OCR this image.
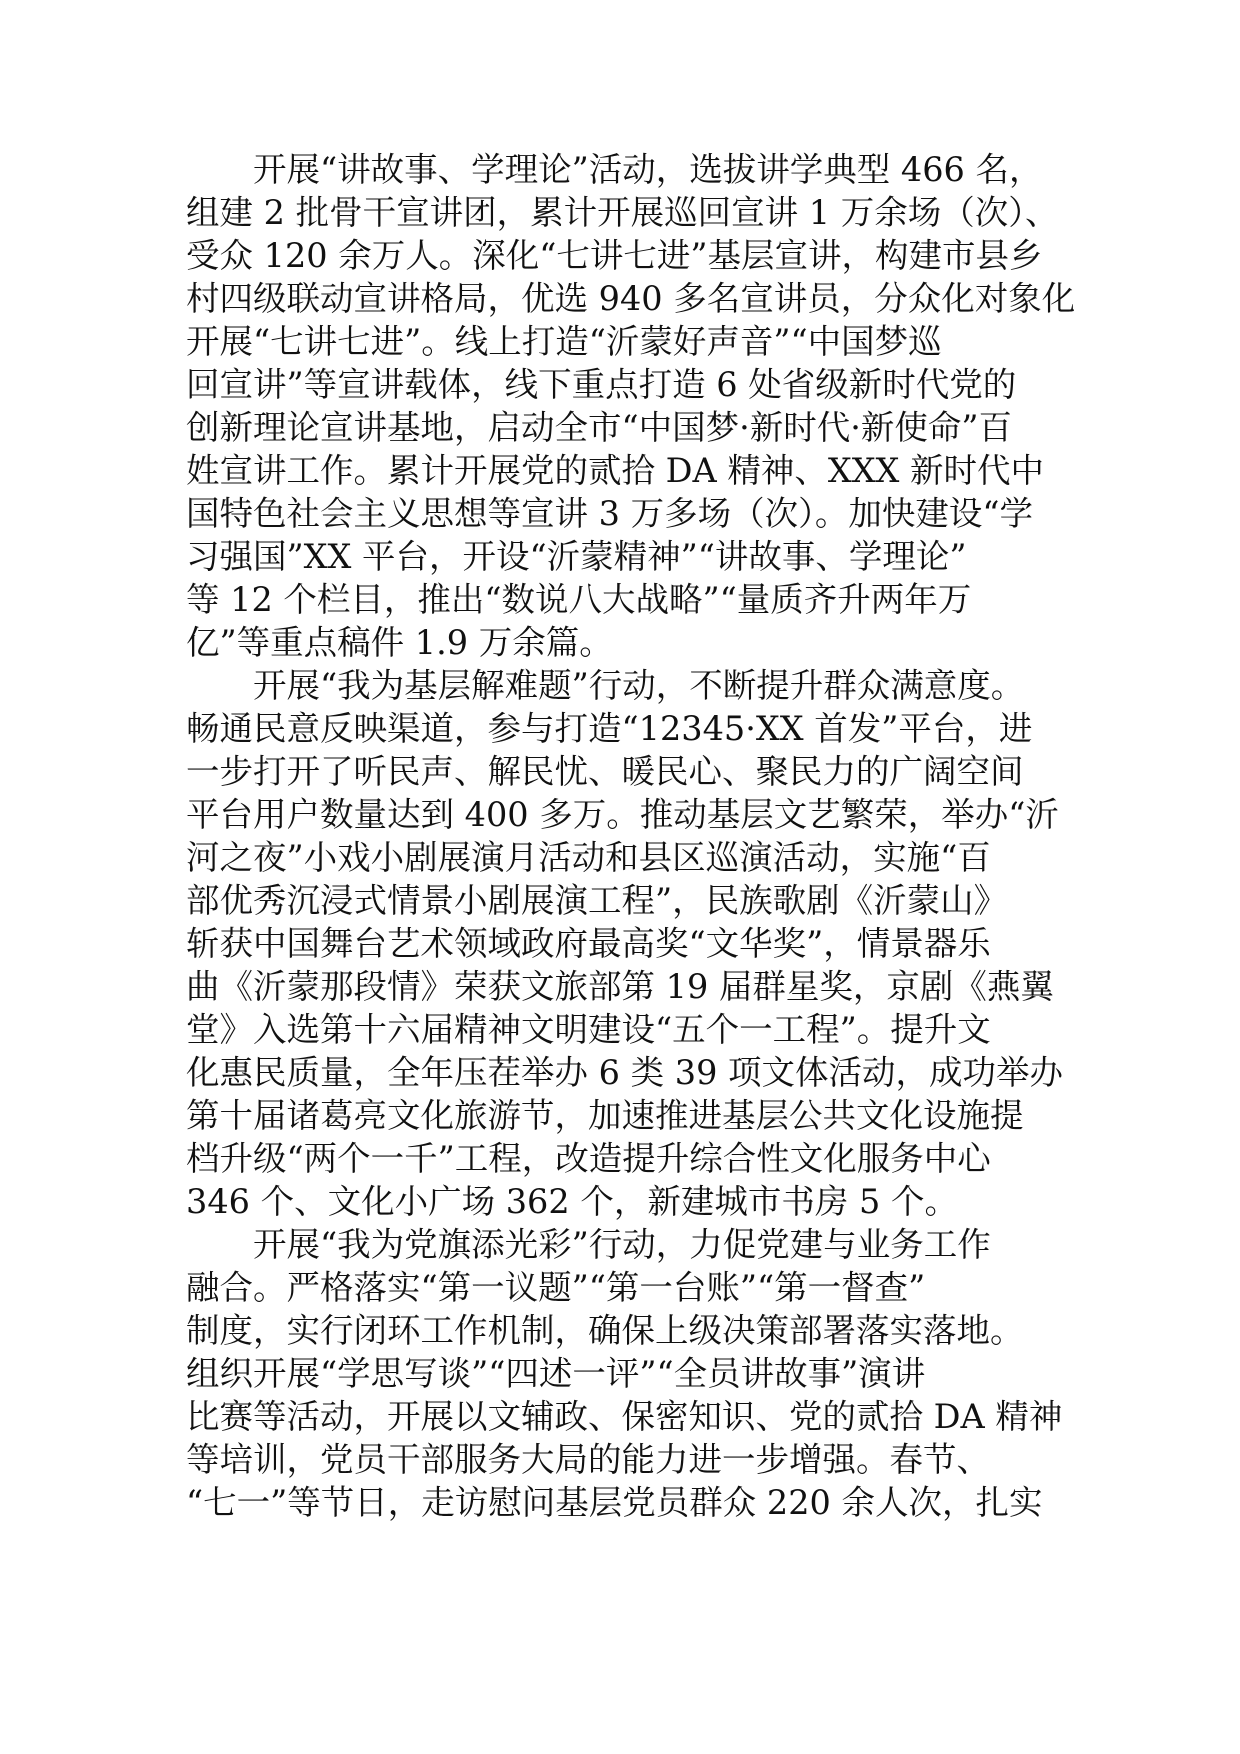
开展“讲故事、学理论”活动，选拔讲学典型 466 名，
组建 2 批骨干宣讲团，累计开展巡回宣讲 1 万余场（次）、
受众 120 余万人。深化“七讲七进”基层宣讲，构建市县乡
村四级联动宣讲格局，优选 940 多名宣讲员，分众化对象化
开展“七讲七进”。线上打造“沂蒙好声音”“中国梦巡
回宣讲”等宣讲载体，线下重点打造 6 处省级新时代党的
创新理论宣讲基地，启动全市“中国梦·新时代·新使命”百
姓宣讲工作。累计开展党的贰拾 DA 精神、XXX 新时代中
国特色社会主义思想等宣讲 3 万多场（次）。加快建设“学
习强国”XX 平台，开设“沂蒙精神”“讲故事、学理论”
等 12 个栏目，推出“数说八大战略”“量质齐升两年万
亿”等重点稿件 1.9 万余篇。
开展“我为基层解难题”行动，不断提升群众满意度。
畅通民意反映渠道，参与打造“12345·XX 首发”平台，进
一步打开了听民声、解民忧、暖民心、聚民力的广阔空间
平台用户数量达到 400 多万。推动基层文艺繁荣，举办“沂
河之夜”小戏小剧展演月活动和县区巡演活动，实施“百
部优秀沉浸式情景小剧展演工程”，民族歌剧《沂蒙山》
斩获中国舞台艺术领域政府最高奖“文华奖”，情景器乐
曲《沂蒙那段情》荣获文旅部第 19 届群星奖，京剧《燕翼
堂》入选第十六届精神文明建设“五个一工程”。提升文
化惠民质量，全年压茬举办 6 类 39 项文体活动，成功举办
第十届诸葛亮文化旅游节，加速推进基层公共文化设施提
档升级“两个一千”工程，改造提升综合性文化服务中心
346 个、文化小广场 362 个，新建城市书房 5 个。
开展“我为党旗添光彩”行动，力促党建与业务工作
融合。严格落实“第一议题”“第一台账”“第一督查”
制度，实行闭环工作机制，确保上级决策部署落实落地。
组织开展“学思写谈”“四述一评”“全员讲故事”演讲
比赛等活动，开展以文辅政、保密知识、党的贰拾 DA 精神
等培训，党员干部服务大局的能力进一步增强。春节、
“七一”等节日，走访慰问基层党员群众 220 余人次，扎实
